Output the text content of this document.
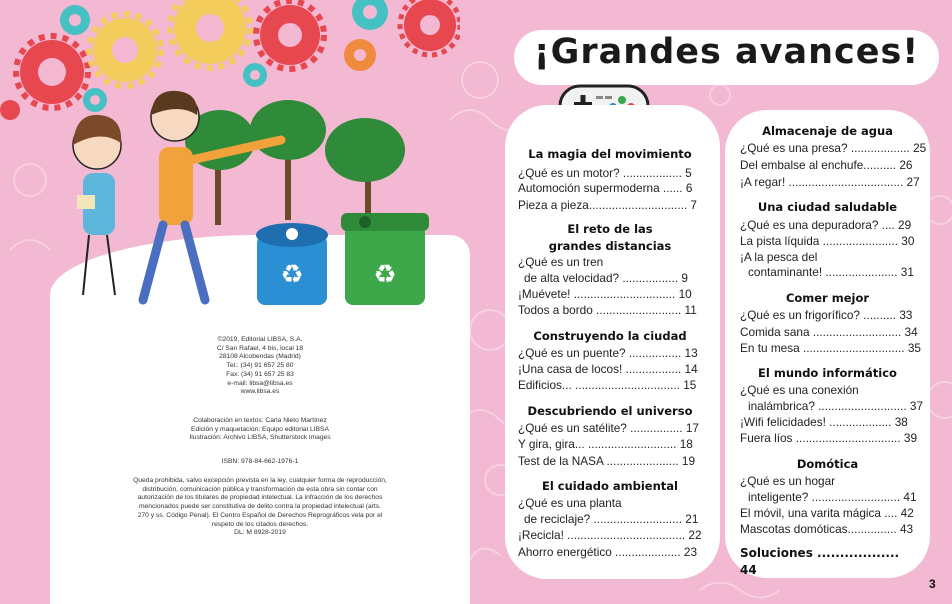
♻	♻
©2019, Editorial LIBSA, S.A.
C/ San Rafael, 4 bis, local 18
28108 Alcobendas (Madrid)
Tel.: (34) 91 657 25 80
Fax: (34) 91 657 25 83
e-mail: libsa@libsa.es
www.libsa.es
Colaboración en textos: Carla Nieto Martínez
Edición y maquetación: Equipo editorial LIBSA
Ilustración: Archivo LIBSA, Shutterstock images
ISBN: 978-84-662-1976-1
Queda prohibida, salvo excepción prevista en la ley, cualquier forma de reproducción,
distribución, comunicación pública y transformación de esta obra sin contar con
autorización de los titulares de propiedad intelectual. La infracción de los derechos
mencionados puede ser constitutiva de delito contra la propiedad intelectual (arts.
270 y ss. Código Penal). El Centro Español de Derechos Reprográficos vela por el
respeto de los citados derechos.
DL: M 8928-2019
¡Grandes avances!
La magia del movimiento
¿Qué es un motor? .................. 5
Automoción supermoderna ...... 6
Pieza a pieza.............................. 7
El reto de las
grandes distancias
¿Qué es un tren
de alta velocidad? ................. 9
¡Muévete! ............................... 10
Todos a bordo .......................... 11
Construyendo la ciudad
¿Qué es un puente? ................ 13
¡Una casa de locos! ................. 14
Edificios... ................................ 15
Descubriendo el universo
¿Qué es un satélite? ................ 17
Y gira, gira... ........................... 18
Test de la NASA ...................... 19
El cuidado ambiental
¿Qué es una planta
de reciclaje? ........................... 21
¡Recicla! .................................... 22
Ahorro energético .................... 23
Almacenaje de agua
¿Qué es una presa? .................. 25
Del embalse al enchufe.......... 26
¡A regar! ................................... 27
Una ciudad saludable
¿Qué es una depuradora? .... 29
La pista líquida ....................... 30
¡A la pesca del
contaminante! ...................... 31
Comer mejor
¿Qué es un frigorífico? .......... 33
Comida sana ........................... 34
En tu mesa ............................... 35
El mundo informático
¿Qué es una conexión
inalámbrica? ........................... 37
¡Wifi felicidades! ................... 38
Fuera líos ................................ 39
Domótica
¿Qué es un hogar
inteligente? ........................... 41
El móvil, una varita mágica .... 42
Mascotas domóticas............... 43
Soluciones .................. 44
3
